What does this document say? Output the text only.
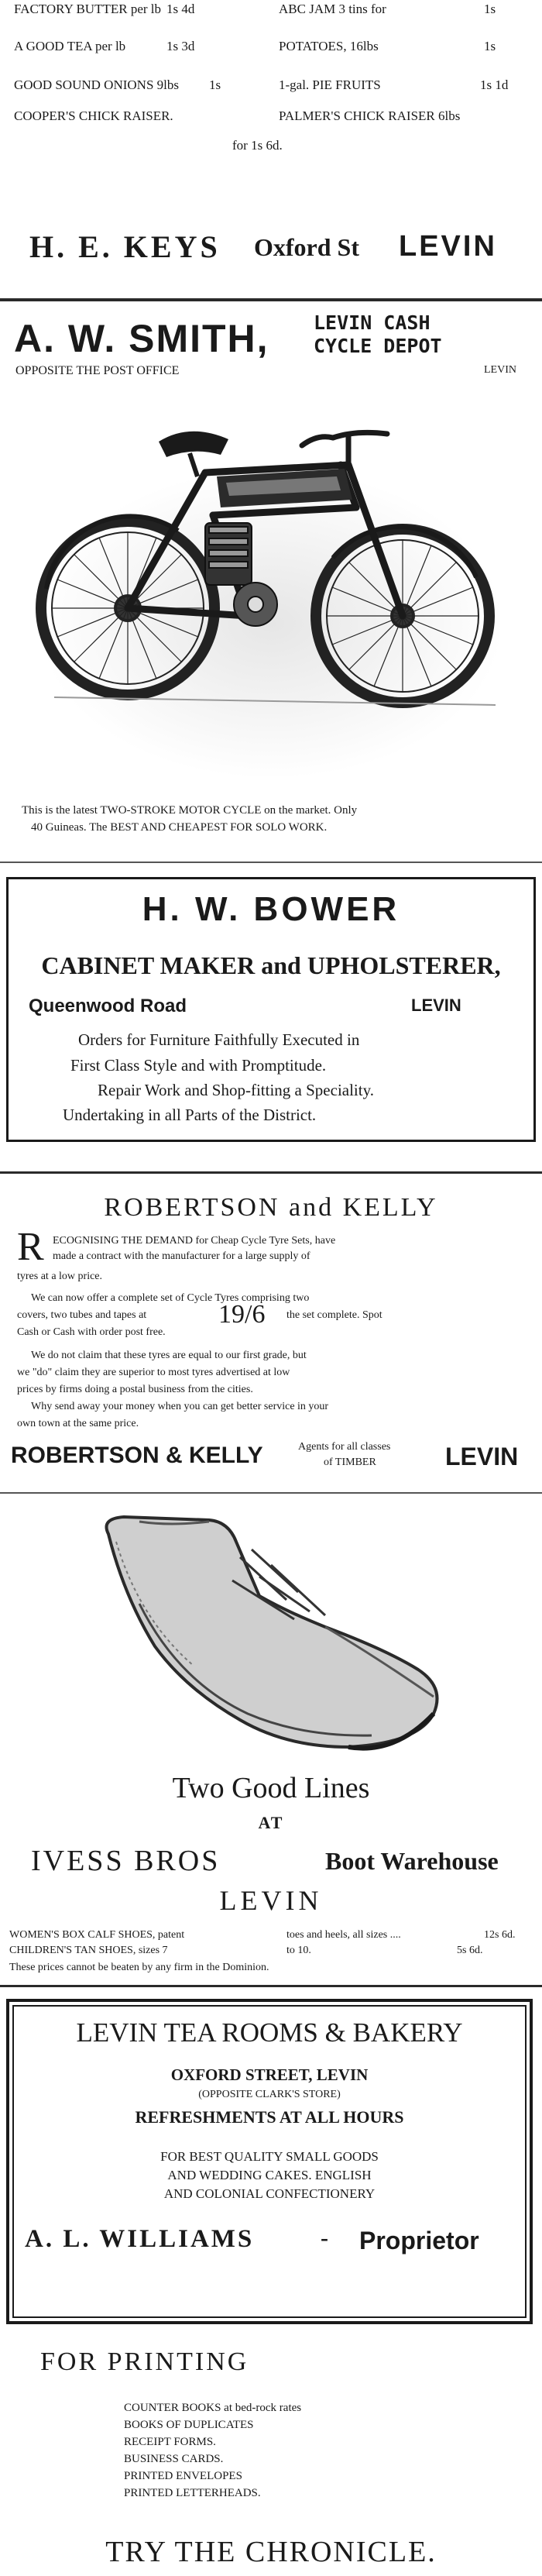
FACTORY BUTTER per lb 1s 4d	ABC JAM 3 tins for	1s
A GOOD TEA per lb	1s 3d	POTATOES, 16lbs	1s
GOOD SOUND ONIONS 9lbs 1s	1-gal. PIE FRUITS	1s 1d
COOPER'S CHICK RAISER.	PALMER'S CHICK RAISER 6lbs
for 1s 6d.
H. E. KEYS Oxford St LEVIN
A. W. SMITH, LEVIN CASH
CYCLE DEPOT
OPPOSITE THE POST OFFICE	LEVIN
This is the latest TWO-STROKE MOTOR CYCLE on the market. Only
40 Guineas. The BEST AND CHEAPEST FOR SOLO WORK.
H. W. BOWER
CABINET MAKER and UPHOLSTERER,
Queenwood Road	LEVIN
Orders for Furniture Faithfully Executed in
First Class Style and with Promptitude.
Repair Work and Shop-fitting a Speciality.
Undertaking in all Parts of the District.
ROBERTSON and KELLY
R ECOGNISING THE DEMAND for Cheap Cycle Tyre Sets, have
made a contract with the manufacturer for a large supply of
tyres at a low price.
We can now offer a complete set of Cycle Tyres comprising two
covers, two tubes and tapes at	19/6 the set complete. Spot
Cash or Cash with order post free.
We do not claim that these tyres are equal to our first grade, but
we "do" claim they are superior to most tyres advertised at low
prices by firms doing a postal business from the cities.
Why send away your money when you can get better service in your
own town at the same price.
ROBERTSON & KELLY	Agents for all classes
of TIMBER	LEVIN
Two Good Lines
AT
IVESS BROS	Boot Warehouse
LEVIN
WOMEN'S BOX CALF SHOES, patent	toes and heels, all sizes ....	12s 6d.
CHILDREN'S TAN SHOES, sizes 7	to 10.	5s 6d.
These prices cannot be beaten by any firm in the Dominion.
LEVIN TEA ROOMS & BAKERY
OXFORD STREET, LEVIN
(OPPOSITE CLARK'S STORE)
REFRESHMENTS AT ALL HOURS
FOR BEST QUALITY SMALL GOODS
AND WEDDING CAKES. ENGLISH
AND COLONIAL CONFECTIONERY
A. L. WILLIAMS	- Proprietor
FOR PRINTING
COUNTER BOOKS at bed-rock rates
BOOKS OF DUPLICATES
RECEIPT FORMS.
BUSINESS CARDS.
PRINTED ENVELOPES
PRINTED LETTERHEADS.
TRY THE CHRONICLE.
